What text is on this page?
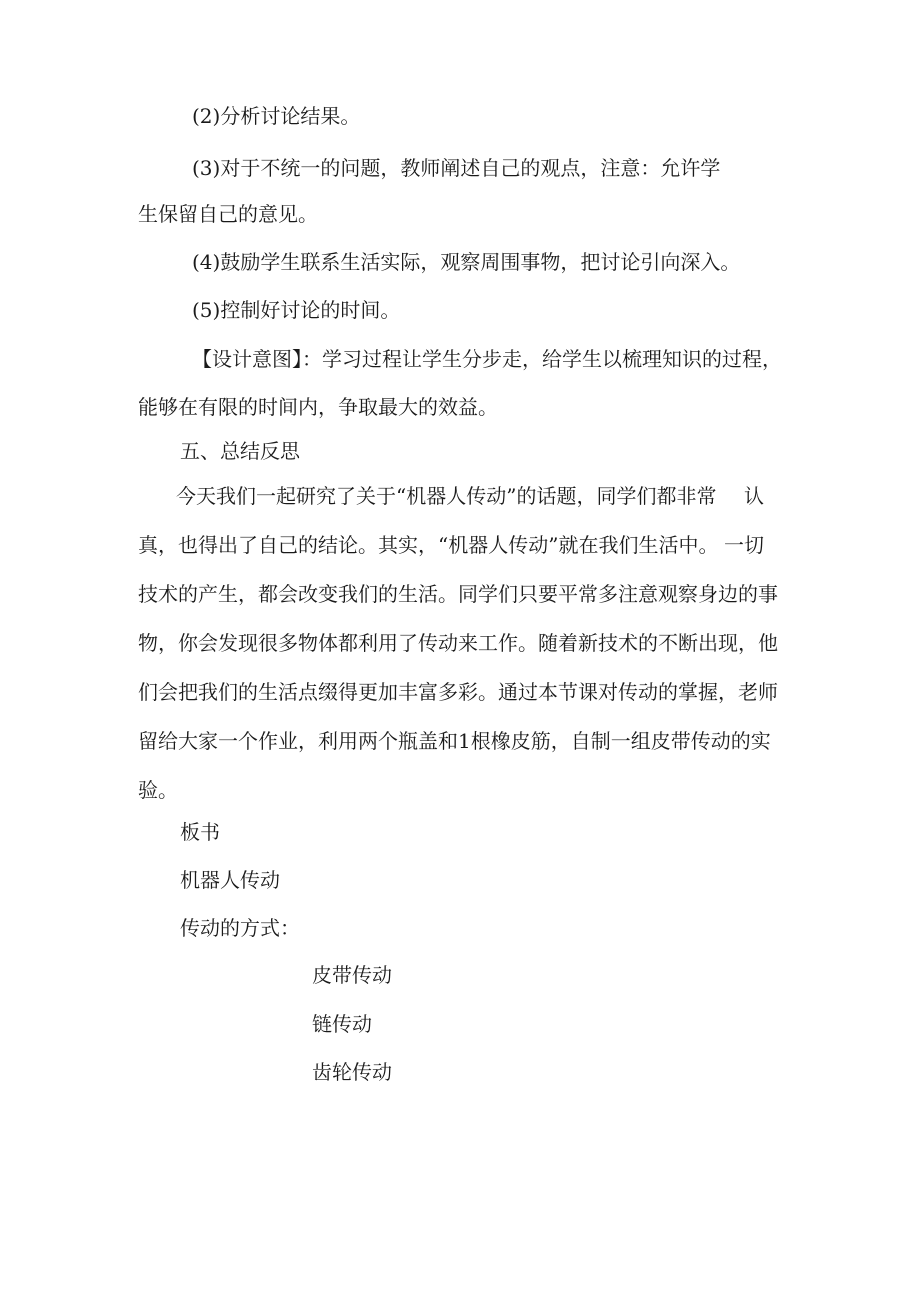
(2)分析讨论结果。
(3)对于不统一的问题，教师阐述自己的观点，注意：允许学
生保留自己的意见。
(4)鼓励学生联系生活实际，观察周围事物，把讨论引向深入。
(5)控制好讨论的时间。
【设计意图】：学习过程让学生分步走，给学生以梳理知识的过 程，
能够在有限的时间内，争取最大的效益。
五、总结反思
今天我们一起研究了关于“机器人传动”的话题，同学们都非常 认
真，也得出了自己的结论。其实，“机器人传动”就在我们生活中。 一切
技术的产生，都会改变我们的生活。同学们只要平常多注意观察 身边的事
物，你会发现很多物体都利用了传动来工作。随着新技术的 不断出现，他
们会把我们的生活点缀得更加丰富多彩。通过本节课对 传动的掌握，老师
留给大家一个作业，利用两个瓶盖和1根橡皮筋， 自制一组皮带传动的实
验。
板书
机器人传动
传动的方式：
皮带传动
链传动
齿轮传动
